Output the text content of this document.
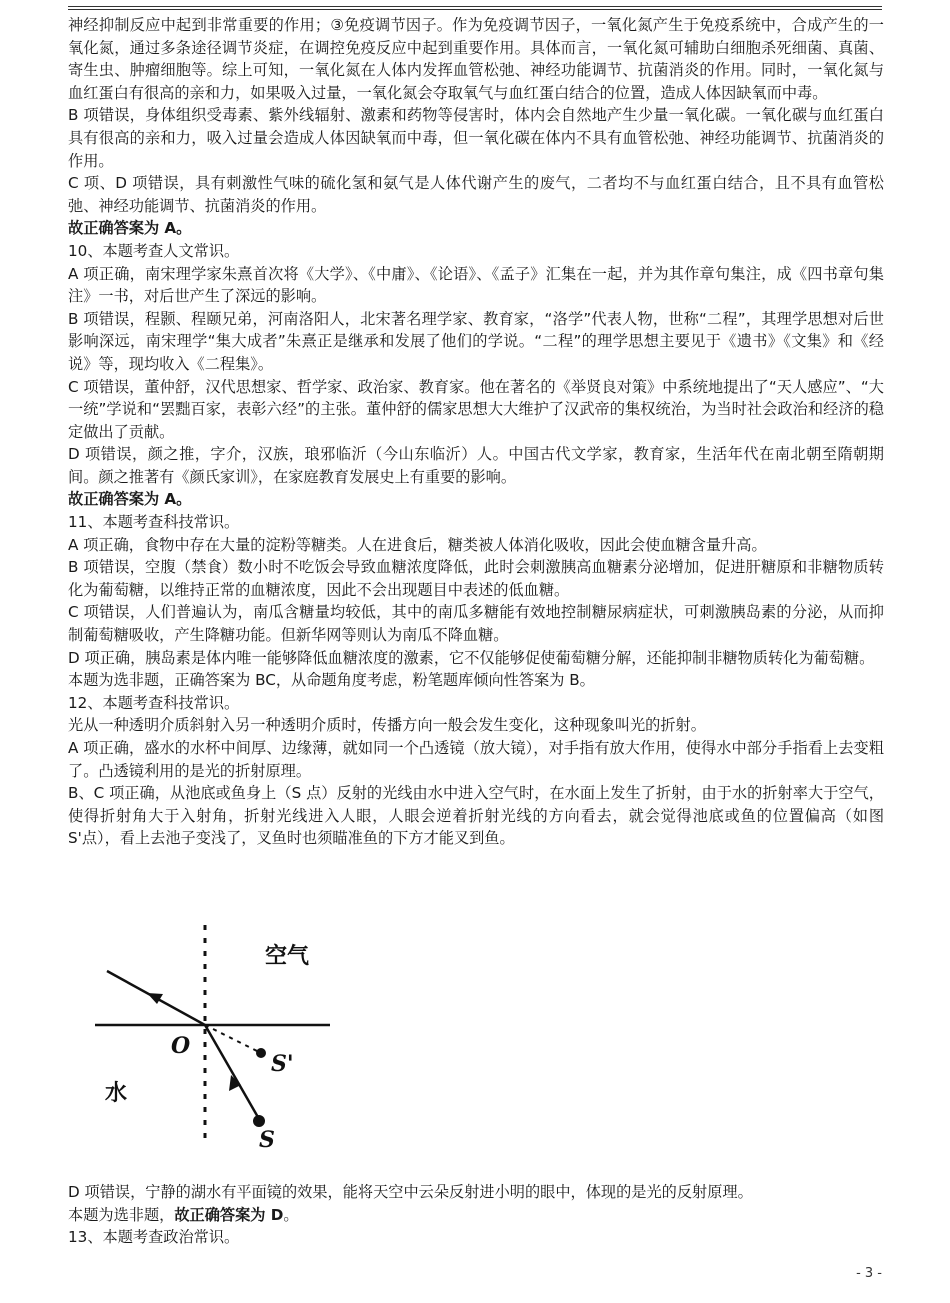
神经抑制反应中起到非常重要的作用；③免疫调节因子。作为免疫调节因子，一氧化氮产生于免疫系统中，合成产生的一氧化氮，通过多条途径调节炎症，在调控免疫反应中起到重要作用。具体而言，一氧化氮可辅助白细胞杀死细菌、真菌、寄生虫、肿瘤细胞等。综上可知，一氧化氮在人体内发挥血管松弛、神经功能调节、抗菌消炎的作用。同时，一氧化氮与血红蛋白有很高的亲和力，如果吸入过量，一氧化氮会夺取氧气与血红蛋白结合的位置，造成人体因缺氧而中毒。

B 项错误，身体组织受毒素、紫外线辐射、激素和药物等侵害时，体内会自然地产生少量一氧化碳。一氧化碳与血红蛋白具有很高的亲和力，吸入过量会造成人体因缺氧而中毒，但一氧化碳在体内不具有血管松弛、神经功能调节、抗菌消炎的作用。

C 项、D 项错误，具有刺激性气味的硫化氢和氨气是人体代谢产生的废气，二者均不与血红蛋白结合，且不具有血管松弛、神经功能调节、抗菌消炎的作用。

故正确答案为 A。

10、本题考查人文常识。

A 项正确，南宋理学家朱熹首次将《大学》、《中庸》、《论语》、《孟子》汇集在一起，并为其作章句集注，成《四书章句集注》一书，对后世产生了深远的影响。

B 项错误，程颢、程颐兄弟，河南洛阳人，北宋著名理学家、教育家，“洛学”代表人物，世称“二程”，其理学思想对后世影响深远，南宋理学“集大成者”朱熹正是继承和发展了他们的学说。“二程”的理学思想主要见于《遗书》《文集》和《经说》等，现均收入《二程集》。

C 项错误，董仲舒，汉代思想家、哲学家、政治家、教育家。他在著名的《举贤良对策》中系统地提出了“天人感应”、“大一统”学说和“罢黜百家，表彰六经”的主张。董仲舒的儒家思想大大维护了汉武帝的集权统治，为当时社会政治和经济的稳定做出了贡献。

D 项错误，颜之推，字介，汉族，琅邪临沂（今山东临沂）人。中国古代文学家，教育家，生活年代在南北朝至隋朝期间。颜之推著有《颜氏家训》，在家庭教育发展史上有重要的影响。

故正确答案为 A。

11、本题考查科技常识。

A 项正确，食物中存在大量的淀粉等糖类。人在进食后，糖类被人体消化吸收，因此会使血糖含量升高。

B 项错误，空腹（禁食）数小时不吃饭会导致血糖浓度降低，此时会刺激胰高血糖素分泌增加，促进肝糖原和非糖物质转化为葡萄糖，以维持正常的血糖浓度，因此不会出现题目中表述的低血糖。

C 项错误，人们普遍认为，南瓜含糖量均较低，其中的南瓜多糖能有效地控制糖尿病症状，可刺激胰岛素的分泌，从而抑制葡萄糖吸收，产生降糖功能。但新华网等则认为南瓜不降血糖。

D 项正确，胰岛素是体内唯一能够降低血糖浓度的激素，它不仅能够促使葡萄糖分解，还能抑制非糖物质转化为葡萄糖。

本题为选非题，正确答案为 BC，从命题角度考虑，粉笔题库倾向性答案为 B。

12、本题考查科技常识。

光从一种透明介质斜射入另一种透明介质时，传播方向一般会发生变化，这种现象叫光的折射。

A 项正确，盛水的水杯中间厚、边缘薄，就如同一个凸透镜（放大镜），对手指有放大作用，使得水中部分手指看上去变粗了。凸透镜利用的是光的折射原理。

B、C 项正确，从池底或鱼身上（S 点）反射的光线由水中进入空气时，在水面上发生了折射，由于水的折射率大于空气，使得折射角大于入射角，折射光线进入人眼，人眼会逆着折射光线的方向看去，就会觉得池底或鱼的位置偏高（如图 S'点），看上去池子变浅了，叉鱼时也须瞄准鱼的下方才能叉到鱼。

空气
水
O
S'
S

D 项错误，宁静的湖水有平面镜的效果，能将天空中云朵反射进小明的眼中，体现的是光的反射原理。

本题为选非题，故正确答案为 D。

13、本题考查政治常识。

- 3 -
